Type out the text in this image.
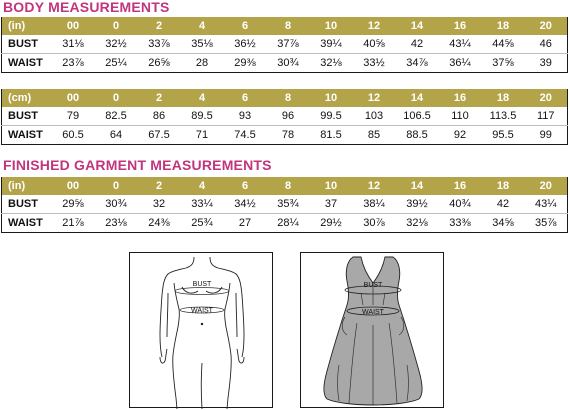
BODY MEASUREMENTS
(in)	00	0	2	4	6	8	10	12	14	16	18	20
BUST	31⅛	32½	33⅞	35⅛	36½	37⅞	39¼	40⅝	42	43¼	44⅝	46
WAIST	23⅞	25¼	26⅝	28	29⅜	30¾	32⅛	33½	34⅞	36¼	37⅝	39
(cm)	00	0	2	4	6	8	10	12	14	16	18	20
BUST	79	82.5	86	89.5	93	96	99.5	103	106.5	110	113.5	117
WAIST	60.5	64	67.5	71	74.5	78	81.5	85	88.5	92	95.5	99
FINISHED GARMENT MEASUREMENTS
(in)	00	0	2	4	6	8	10	12	14	16	18	20
BUST	29⅝	30¾	32	33¼	34½	35¾	37	38¼	39½	40¾	42	43¼
WAIST	21⅞	23⅛	24⅜	25¾	27	28¼	29½	30⅞	32⅛	33⅜	34⅝	35⅞
BUST
WAIST
BUST
WAIST
